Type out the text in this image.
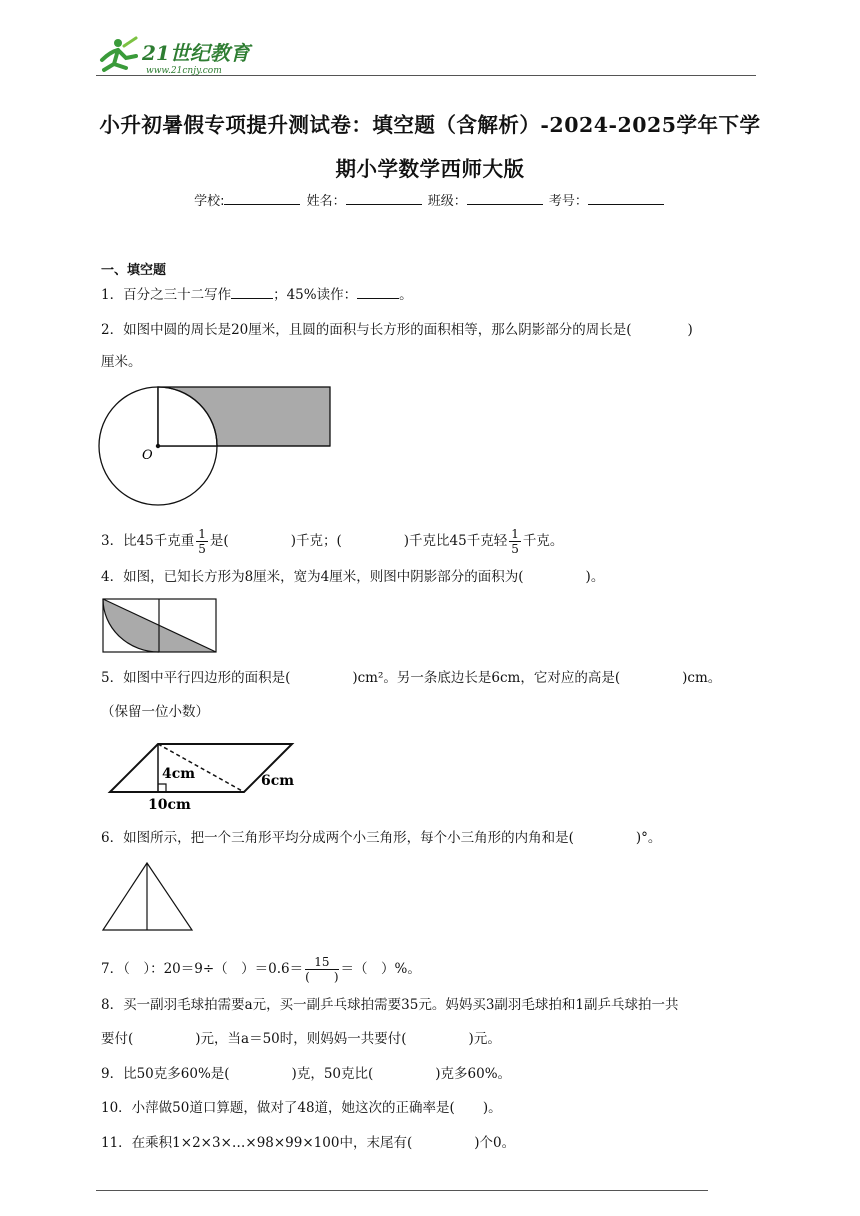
21世纪教育
www.21cnjy.com
小升初暑假专项提升测试卷：填空题（含解析）-2024-2025学年下学
期小学数学西师大版
学校:	姓名：	班级：	考号：
一、填空题
1．百分之三十二写作	；45%读作：	。
2．如图中圆的周长是20厘米，且圆的面积与长方形的面积相等，那么阴影部分的周长是(	)
厘米。
O
3．比45千克重 $\frac{1}{5}$ 是(	)千克；(	)千克比45千克轻 $\frac{1}{5}$ 千克。
4．如图，已知长方形为8厘米，宽为4厘米，则图中阴影部分的面积为(	)。
5．如图中平行四边形的面积是(	)cm²。另一条底边长是6cm，它对应的高是(	)cm。
（保留一位小数）
4cm	6cm
10cm
6．如图所示，把一个三角形平均分成两个小三角形，每个小三角形的内角和是(	)°。
7．（　）：20＝9÷（　）$=0.6= \frac{15}{( )}$ ＝（　）%。
8．买一副羽毛球拍需要a元，买一副乒乓球拍需要35元。妈妈买3副羽毛球拍和1副乒乓球拍一共
要付(	)元，当a＝50时，则妈妈一共要付(	)元。
9．比50克多60%是(	)克，50克比(	)克多60%。
10．小萍做50道口算题，做对了48道，她这次的正确率是( )。
11．在乘积1×2×3×…×98×99×100中，末尾有(	)个0。
